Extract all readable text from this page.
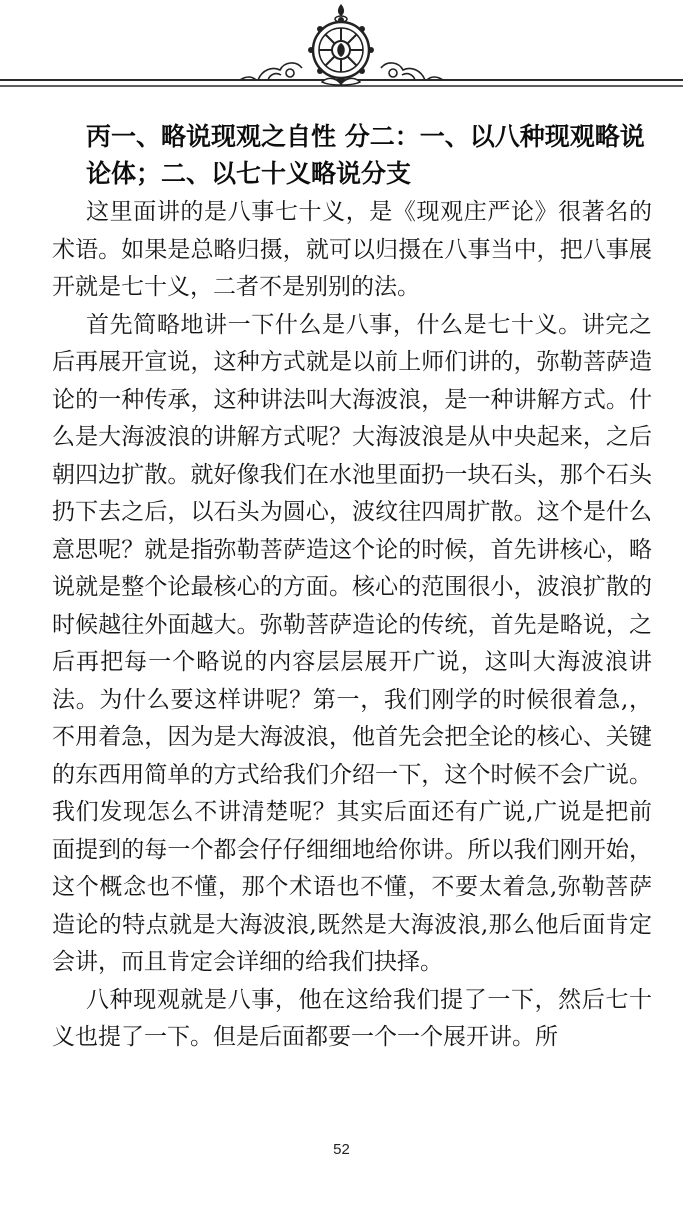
丙一、略说现观之自性 分二：一、以八种现观略说论体；二、以七十义略说分支

这里面讲的是八事七十义，是《现观庄严论》很著名的术语。如果是总略归摄，就可以归摄在八事当中，把八事展开就是七十义，二者不是别别的法。

首先简略地讲一下什么是八事，什么是七十义。讲完之后再展开宣说，这种方式就是以前上师们讲的，弥勒菩萨造论的一种传承，这种讲法叫大海波浪，是一种讲解方式。什么是大海波浪的讲解方式呢？大海波浪是从中央起来，之后朝四边扩散。就好像我们在水池里面扔一块石头，那个石头扔下去之后，以石头为圆心，波纹往四周扩散。这个是什么意思呢？就是指弥勒菩萨造这个论的时候，首先讲核心，略说就是整个论最核心的方面。核心的范围很小，波浪扩散的时候越往外面越大。弥勒菩萨造论的传统，首先是略说，之后再把每一个略说的内容层层展开广说，这叫大海波浪讲法。为什么要这样讲呢？第一，我们刚学的时候很着急,，不用着急，因为是大海波浪，他首先会把全论的核心、关键的东西用简单的方式给我们介绍一下，这个时候不会广说。我们发现怎么不讲清楚呢？其实后面还有广说,广说是把前面提到的每一个都会仔仔细细地给你讲。所以我们刚开始，这个概念也不懂，那个术语也不懂，不要太着急,弥勒菩萨造论的特点就是大海波浪,既然是大海波浪,那么他后面肯定会讲，而且肯定会详细的给我们抉择。

八种现观就是八事，他在这给我们提了一下，然后七十义也提了一下。但是后面都要一个一个展开讲。所

52
